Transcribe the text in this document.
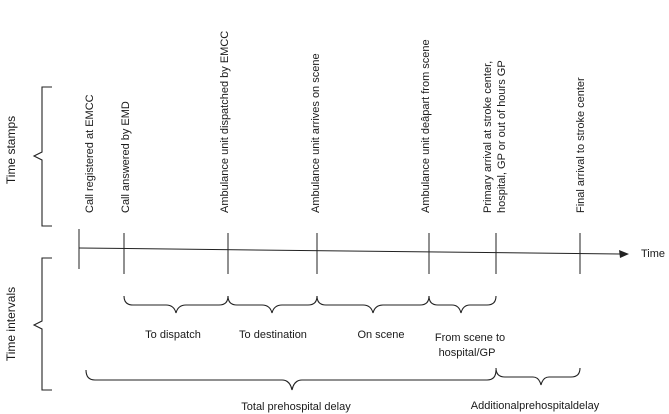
Time stamps
Time intervals
Time
Call registered at EMCC Call answered by EMD	Ambulance unit dispatched by EMCC	Ambulance unit arrives on scene	Ambulance unit deâpart from scene	Primary arrival at stroke center, hospital, GP or out of hours GP	Final arrival to stroke center
To dispatch	To destination	On scene	From scene to
hospital/GP
Total prehospital delay	Additionalprehospitaldelay
